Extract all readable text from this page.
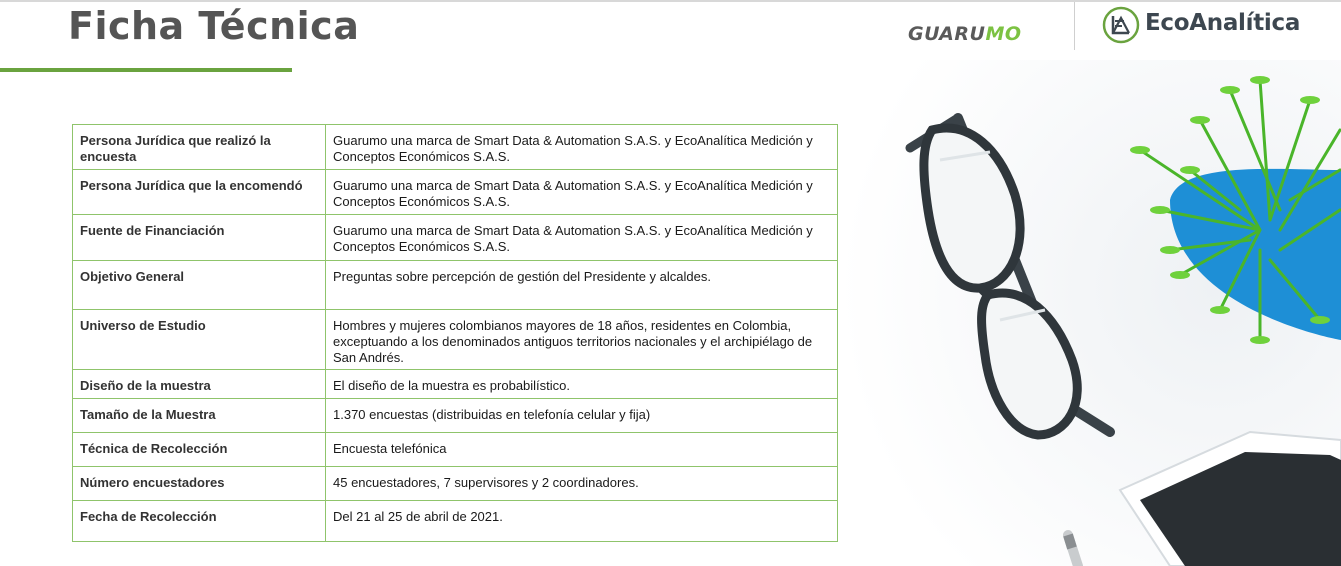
Ficha Técnica	GUARUMO	EcoAnalítica
Persona Jurídica que realizó la encuesta	Guarumo una marca de Smart Data & Automation S.A.S. y EcoAnalítica Medición y Conceptos Económicos S.A.S.
Persona Jurídica que la encomendó	Guarumo una marca de Smart Data & Automation S.A.S. y EcoAnalítica Medición y Conceptos Económicos S.A.S.
Fuente de Financiación	Guarumo una marca de Smart Data & Automation S.A.S. y EcoAnalítica Medición y Conceptos Económicos S.A.S.
Objetivo General	Preguntas sobre percepción de gestión del Presidente y alcaldes.
Universo de Estudio	Hombres y mujeres colombianos mayores de 18 años, residentes en Colombia, exceptuando a los denominados antiguos territorios nacionales y el archipiélago de San Andrés.
Diseño de la muestra	El diseño de la muestra es probabilístico.
Tamaño de la Muestra	1.370 encuestas (distribuidas en telefonía celular y fija)
Técnica de Recolección	Encuesta telefónica
Número encuestadores	45 encuestadores, 7 supervisores y 2 coordinadores.
Fecha de Recolección	Del 21 al 25 de abril de 2021.
